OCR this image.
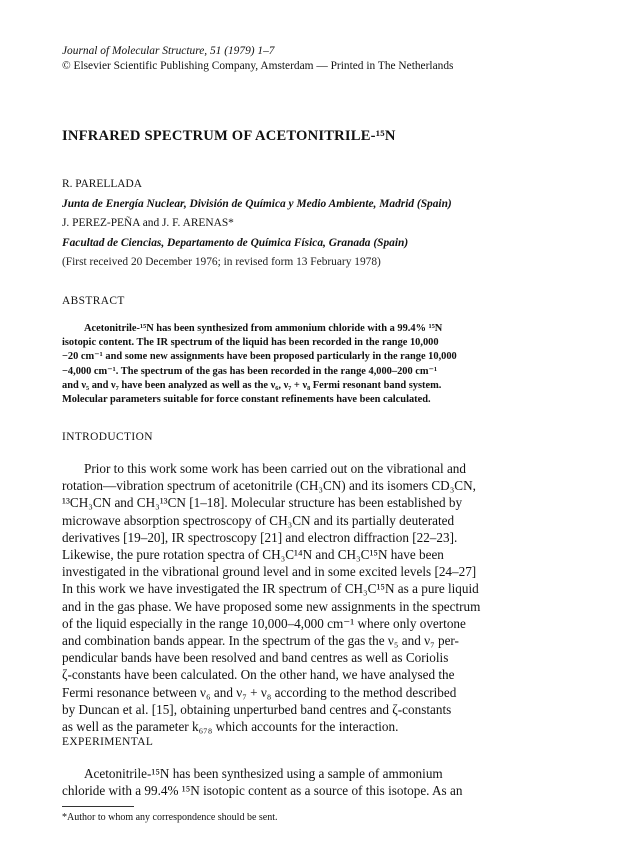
Journal of Molecular Structure, 51 (1979) 1–7
© Elsevier Scientific Publishing Company, Amsterdam — Printed in The Netherlands
INFRARED SPECTRUM OF ACETONITRILE-¹⁵N
R. PARELLADA
Junta de Energía Nuclear, División de Química y Medio Ambiente, Madrid (Spain)
J. PEREZ-PEÑA and J. F. ARENAS*
Facultad de Ciencias, Departamento de Química Física, Granada (Spain)
(First received 20 December 1976; in revised form 13 February 1978)
ABSTRACT
Acetonitrile-¹⁵N has been synthesized from ammonium chloride with a 99.4% ¹⁵N
isotopic content. The IR spectrum of the liquid has been recorded in the range 10,000
−20 cm⁻¹ and some new assignments have been proposed particularly in the range 10,000
−4,000 cm⁻¹. The spectrum of the gas has been recorded in the range 4,000–200 cm⁻¹
and ν₅ and ν₇ have been analyzed as well as the ν₆, ν₇ + ν₈ Fermi resonant band system.
Molecular parameters suitable for force constant refinements have been calculated.
INTRODUCTION
Prior to this work some work has been carried out on the vibrational and
rotation—vibration spectrum of acetonitrile (CH₃CN) and its isomers CD₃CN,
¹³CH₃CN and CH₃¹³CN [1–18]. Molecular structure has been established by
microwave absorption spectroscopy of CH₃CN and its partially deuterated
derivatives [19–20], IR spectroscopy [21] and electron diffraction [22–23].
Likewise, the pure rotation spectra of CH₃C¹⁴N and CH₃C¹⁵N have been
investigated in the vibrational ground level and in some excited levels [24–27]
In this work we have investigated the IR spectrum of CH₃C¹⁵N as a pure liquid
and in the gas phase. We have proposed some new assignments in the spectrum
of the liquid especially in the range 10,000–4,000 cm⁻¹ where only overtone
and combination bands appear. In the spectrum of the gas the ν₅ and ν₇ per-
pendicular bands have been resolved and band centres as well as Coriolis
ζ-constants have been calculated. On the other hand, we have analysed the
Fermi resonance between ν₆ and ν₇ + ν₈ according to the method described
by Duncan et al. [15], obtaining unperturbed band centres and ζ-constants
as well as the parameter k₆₇₈ which accounts for the interaction.
EXPERIMENTAL
Acetonitrile-¹⁵N has been synthesized using a sample of ammonium
chloride with a 99.4% ¹⁵N isotopic content as a source of this isotope. As an
*Author to whom any correspondence should be sent.
